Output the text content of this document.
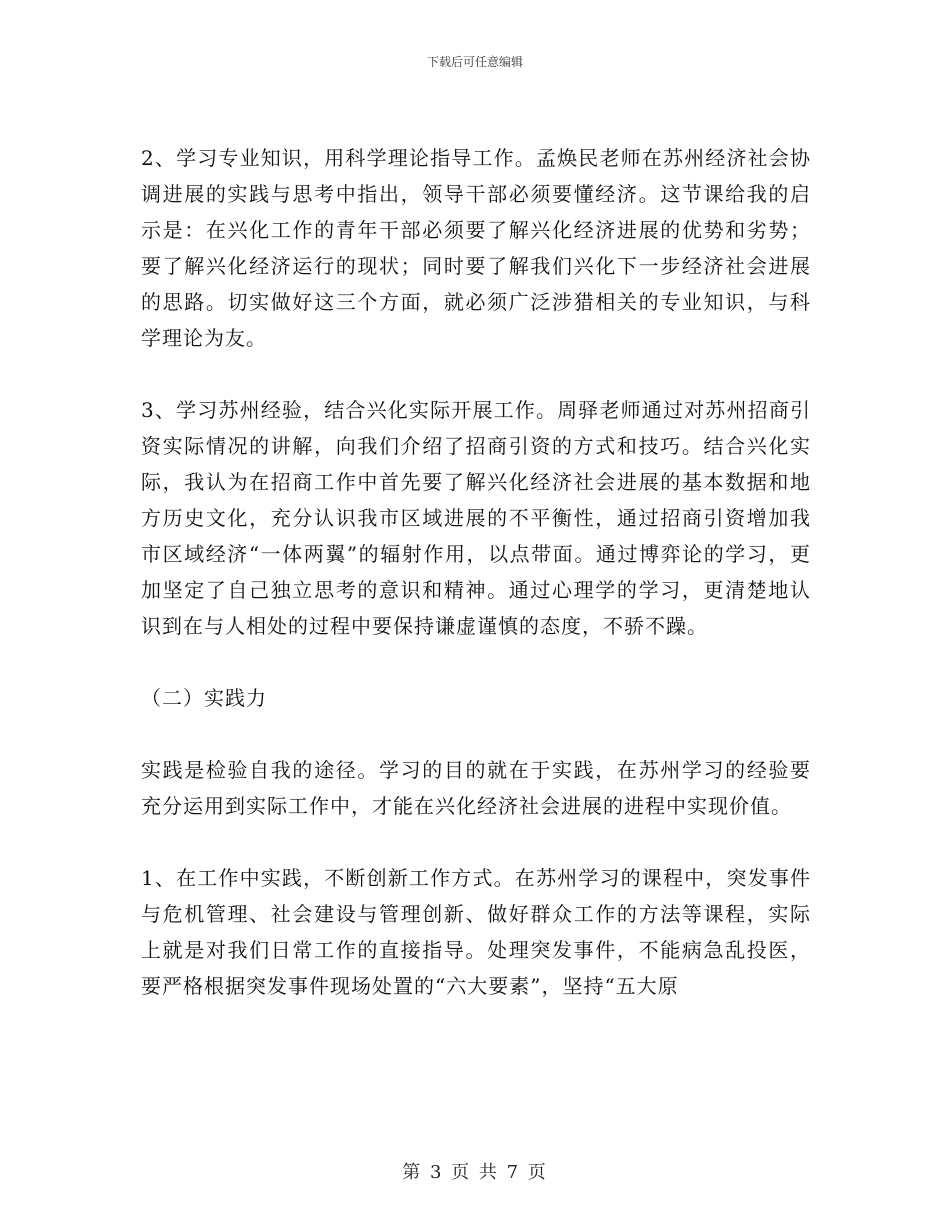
下载后可任意编辑

2、学习专业知识，用科学理论指导工作。孟焕民老师在苏州经济社会协调进展的实践与思考中指出，领导干部必须要懂经济。这节课给我的启示是：在兴化工作的青年干部必须要了解兴化经济进展的优势和劣势；要了解兴化经济运行的现状；同时要了解我们兴化下一步经济社会进展的思路。切实做好这三个方面，就必须广泛涉猎相关的专业知识，与科学理论为友。

3、学习苏州经验，结合兴化实际开展工作。周驿老师通过对苏州招商引资实际情况的讲解，向我们介绍了招商引资的方式和技巧。结合兴化实际，我认为在招商工作中首先要了解兴化经济社会进展的基本数据和地方历史文化，充分认识我市区域进展的不平衡性，通过招商引资增加我市区域经济“一体两翼”的辐射作用，以点带面。通过博弈论的学习，更加坚定了自己独立思考的意识和精神。通过心理学的学习，更清楚地认识到在与人相处的过程中要保持谦虚谨慎的态度，不骄不躁。

（二）实践力

实践是检验自我的途径。学习的目的就在于实践，在苏州学习的经验要充分运用到实际工作中，才能在兴化经济社会进展的进程中实现价值。

1、在工作中实践，不断创新工作方式。在苏州学习的课程中，突发事件与危机管理、社会建设与管理创新、做好群众工作的方法等课程，实际上就是对我们日常工作的直接指导。处理突发事件，不能病急乱投医，要严格根据突发事件现场处置的“六大要素”，坚持“五大原

第 3 页 共 7 页
